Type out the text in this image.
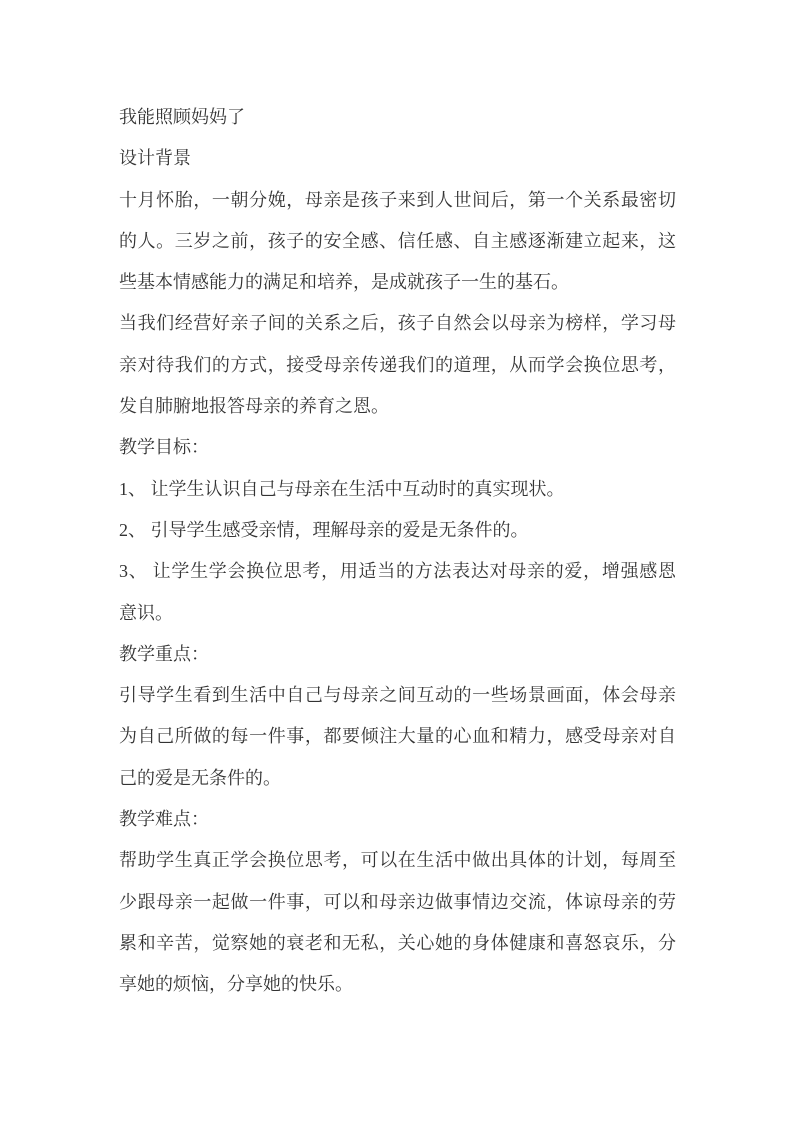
我能照顾妈妈了
设计背景
十月怀胎，一朝分娩，母亲是孩子来到人世间后，第一个关系最密切
的人。三岁之前，孩子的安全感、信任感、自主感逐渐建立起来，这
些基本情感能力的满足和培养，是成就孩子一生的基石。
当我们经营好亲子间的关系之后，孩子自然会以母亲为榜样，学习母
亲对待我们的方式，接受母亲传递我们的道理，从而学会换位思考，
发自肺腑地报答母亲的养育之恩。
教学目标：
1、 让学生认识自己与母亲在生活中互动时的真实现状。
2、 引导学生感受亲情，理解母亲的爱是无条件的。
3、 让学生学会换位思考，用适当的方法表达对母亲的爱，增强感恩
意识。
教学重点：
引导学生看到生活中自己与母亲之间互动的一些场景画面，体会母亲
为自己所做的每一件事，都要倾注大量的心血和精力，感受母亲对自
己的爱是无条件的。
教学难点：
帮助学生真正学会换位思考，可以在生活中做出具体的计划，每周至
少跟母亲一起做一件事，可以和母亲边做事情边交流，体谅母亲的劳
累和辛苦，觉察她的衰老和无私，关心她的身体健康和喜怒哀乐，分
享她的烦恼，分享她的快乐。
